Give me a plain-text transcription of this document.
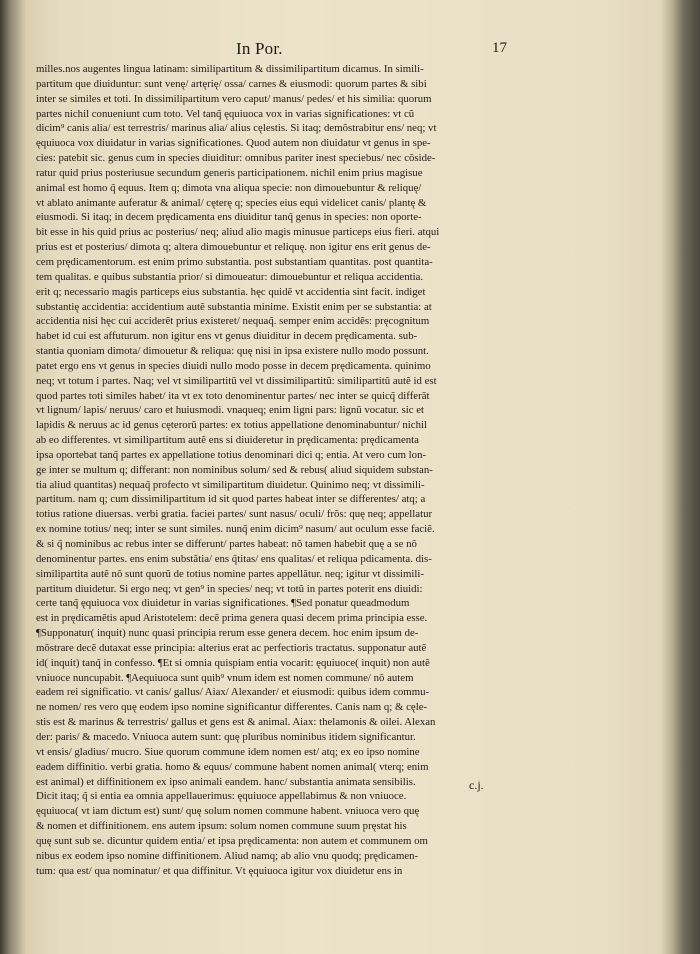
In Por.	17
milles.nos augentes lingua latinam: similipartitum & dissimilipartitum dicamus. In simili-
partitum que diuiduntur: sunt venę/ artęrię/ ossa/ carnes & eiusmodi: quorum partes & sibi
inter se similes et toti. In dissimilipartitum vero caput/ manus/ pedes/ et his similia: quorum
partes nichil conueniunt cum toto. Vel tanq̃ ęquiuoca vox in varias significationes: vt cũ
dicim⁹ canis alia/ est terrestris/ marinus alia/ alius cęlestis. Si itaq; demõstrabitur ens/ neq; vt
ęquiuoca vox diuidatur in varias significationes. Quod autem non diuidatur vt genus in spe-
cies: patebit sic. genus cum in species diuiditur: omnibus pariter inest speciebus/ nec cõside-
ratur quid prius posteriusue secundum generis participationem. nichil enim prius magisue
animal est homo q̃ equus. Item q; dimota vna aliqua specie: non dimouebuntur & reliquę/
vt ablato animante auferatur & animal/ cęterę q; species eius equi videlicet canis/ plantę &
eiusmodi. Si itaq; in decem prędicamenta ens diuiditur tanq̃ genus in species: non oporte-
bit esse in his quid prius ac posterius/ neq; aliud alio magis minusue particeps eius fieri. atqui
prius est et posterius/ dimota q; altera dimouebuntur et reliquę. non igitur ens erit genus de-
cem prędicamentorum. est enim primo substantia. post substantiam quantitas. post quantita-
tem qualitas. e quibus substantia prior/ si dimoueatur: dimouebuntur et reliqua accidentia.
erit q; necessario magis particeps eius substantia. hęc quidẽ vt accidentia sint facit. indiget
substantię accidentia: accidentium autẽ substantia minime. Existit enim per se substantia: at
accidentia nisi hęc cui acciderẽt prius existeret/ nequaq̃. semper enim accidẽs: pręcognitum
habet id cui est affuturum. non igitur ens vt genus diuiditur in decem prędicamenta. sub-
stantia quoniam dimota/ dimouetur & reliqua: quę nisi in ipsa existere nullo modo possunt.
patet ergo ens vt genus in species diuidi nullo modo posse in decem prędicamenta. quinimo
neq; vt totum i partes. Naq; vel vt similipartitũ vel vt dissimilipartitũ: similipartitũ autẽ id est
quod partes toti similes habet/ ita vt ex toto denominentur partes/ nec inter se quicq̃ differãt
vt lignum/ lapis/ neruus/ caro et huiusmodi. vnaqueq; enim ligni pars: lignũ vocatur. sic et
lapidis & neruus ac id genus cęterorũ partes: ex totius appellatione denominabuntur/ nichil
ab eo differentes. vt similipartitum autẽ ens si diuideretur in prędicamenta: prędicamenta
ipsa oportebat tanq̃ partes ex appellatione totius denominari dici q; entia. At vero cum lon-
ge inter se multum q; differant: non nominibus solum/ sed & rebus( aliud siquidem substan-
tia aliud quantitas) nequaq̃ profecto vt similipartitum diuidetur. Quinimo neq; vt dissimili-
partitum. nam q; cum dissimilipartitum id sit quod partes habeat inter se differentes/ atq; a
totius ratione diuersas. verbi gratia. faciei partes/ sunt nasus/ oculi/ frõs: quę neq; appellatur
ex nomine totius/ neq; inter se sunt similes. nunq̃ enim dicim⁹ nasum/ aut oculum esse faciẽ.
& si q̃ nominibus ac rebus inter se differunt/ partes habeat: nõ tamen habebit quę a se nõ
denominentur partes. ens enim substãtia/ ens q̃titas/ ens qualitas/ et reliqua pdicamenta. dis-
similipartita autẽ nõ sunt quorũ de totius nomine partes appellãtur. neq; igitur vt dissimili-
partitum diuidetur. Si ergo neq; vt gen⁹ in species/ neq; vt totũ in partes poterit ens diuidi:
certe tanq̃ ęquiuoca vox diuidetur in varias significationes. ¶Sed ponatur queadmodum
est in prędicamẽtis apud Aristotelem: decẽ prima genera quasi decem prima principia esse.
¶Supponatur( inquit) nunc quasi principia rerum esse genera decem. hoc enim ipsum de-
mõstrare decẽ dutaxat esse principia: alterius erat ac perfectioris tractatus. supponatur autẽ
id( inquit) tanq̃ in confesso. ¶Et si omnia quispiam entia vocarit: ęquiuoce( inquit) non autẽ
vniuoce nuncupabit. ¶Aequiuoca sunt quib⁹ vnum idem est nomen commune/ nõ autem
eadem rei significatio. vt canis/ gallus/ Aiax/ Alexander/ et eiusmodi: quibus idem commu-
ne nomen/ res vero quę eodem ipso nomine significantur differentes. Canis nam q; & cęle-
stis est & marinus & terrestris/ gallus et gens est & animal. Aiax: thelamonis & oilei. Alexan
der: paris/ & macedo. Vniuoca autem sunt: quę pluribus nominibus itidem significantur.
vt ensis/ gladius/ mucro. Siue quorum commune idem nomen est/ atq; ex eo ipso nomine
eadem diffinitio. verbi gratia. homo & equus/ commune habent nomen animal( vterq; enim
est animal) et diffinitionem ex ipso animali eandem. hanc/ substantia animata sensibilis.
Dicit itaq; q̃ si entia ea omnia appellauerimus: ęquiuoce appellabimus & non vniuoce.
ęquiuoca( vt iam dictum est) sunt/ quę solum nomen commune habent. vniuoca vero quę
& nomen et diffinitionem. ens autem ipsum: solum nomen commune suum pręstat his
quę sunt sub se. dicuntur quidem entia/ et ipsa prędicamenta: non autem et communem om
nibus ex eodem ipso nomine diffinitionem. Aliud namq; ab alio vnu quodq; prędicamen-
tum: qua est/ qua nominatur/ et qua diffinitur. Vt ęquiuoca igitur vox diuidetur ens in
c.j.
